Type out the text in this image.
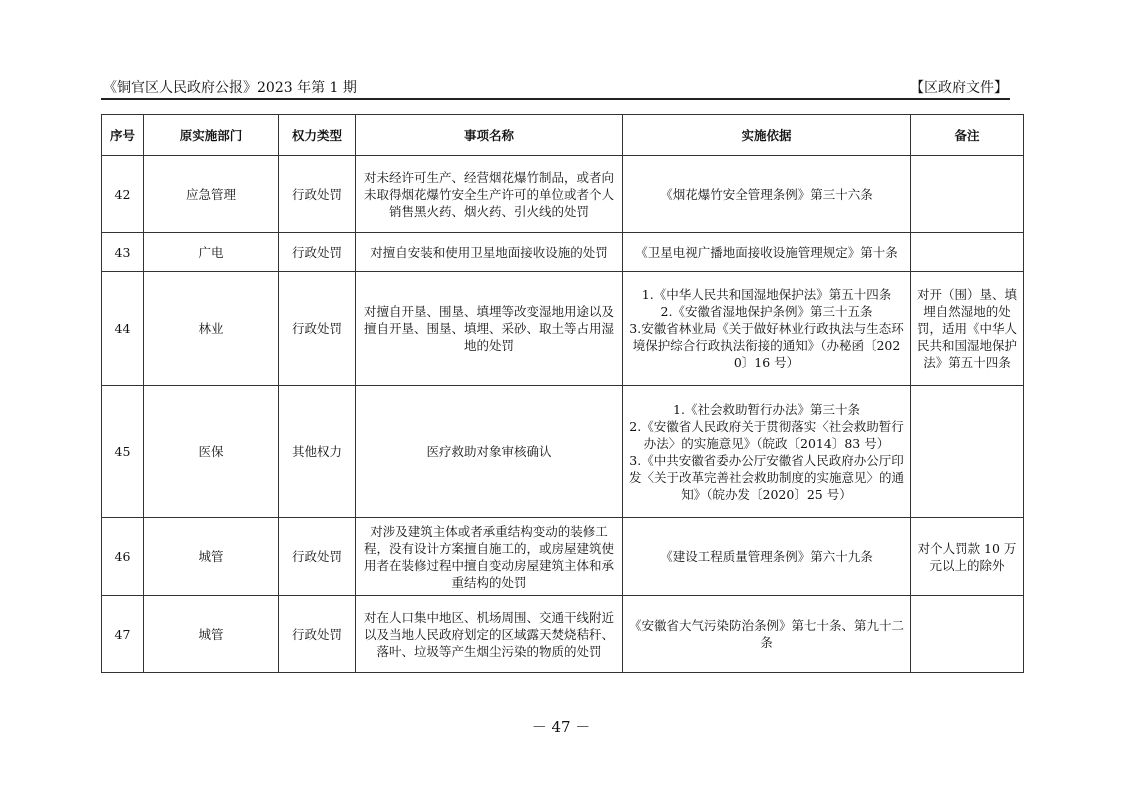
《铜官区人民政府公报》2023 年第 1 期	【区政府文件】
序号	原实施部门	权力类型	事项名称	实施依据	备注
42	应急管理	行政处罚	对未经许可生产、经营烟花爆竹制品，或者向未取得烟花爆竹安全生产许可的单位或者个人销售黑火药、烟火药、引火线的处罚	《烟花爆竹安全管理条例》第三十六条	

43	广电	行政处罚	对擅自安装和使用卫星地面接收设施的处罚	《卫星电视广播地面接收设施管理规定》第十条	

44	林业	行政处罚	对擅自开垦、围垦、填埋等改变湿地用途以及擅自开垦、围垦、填埋、采砂、取土等占用湿地的处罚	1.《中华人民共和国湿地保护法》第五十四条
2.《安徽省湿地保护条例》第三十五条
3.安徽省林业局《关于做好林业行政执法与生态环境保护综合行政执法衔接的通知》（办秘函〔2020〕16 号）	对开（围）垦、填埋自然湿地的处罚，适用《中华人民共和国湿地保护法》第五十四条
45	医保	其他权力	医疗救助对象审核确认	1.《社会救助暂行办法》第三十条
2.《安徽省人民政府关于贯彻落实〈社会救助暂行办法〉的实施意见》（皖政〔2014〕83 号）
3.《中共安徽省委办公厅安徽省人民政府办公厅印发〈关于改革完善社会救助制度的实施意见〉的通知》（皖办发〔2020〕25 号）	

46	城管	行政处罚	对涉及建筑主体或者承重结构变动的装修工程，没有设计方案擅自施工的，或房屋建筑使用者在装修过程中擅自变动房屋建筑主体和承重结构的处罚	《建设工程质量管理条例》第六十九条	对个人罚款 10 万元以上的除外
47	城管	行政处罚	对在人口集中地区、机场周围、交通干线附近以及当地人民政府划定的区域露天焚烧秸秆、落叶、垃圾等产生烟尘污染的物质的处罚	《安徽省大气污染防治条例》第七十条、第九十二条	

－ 47 －
